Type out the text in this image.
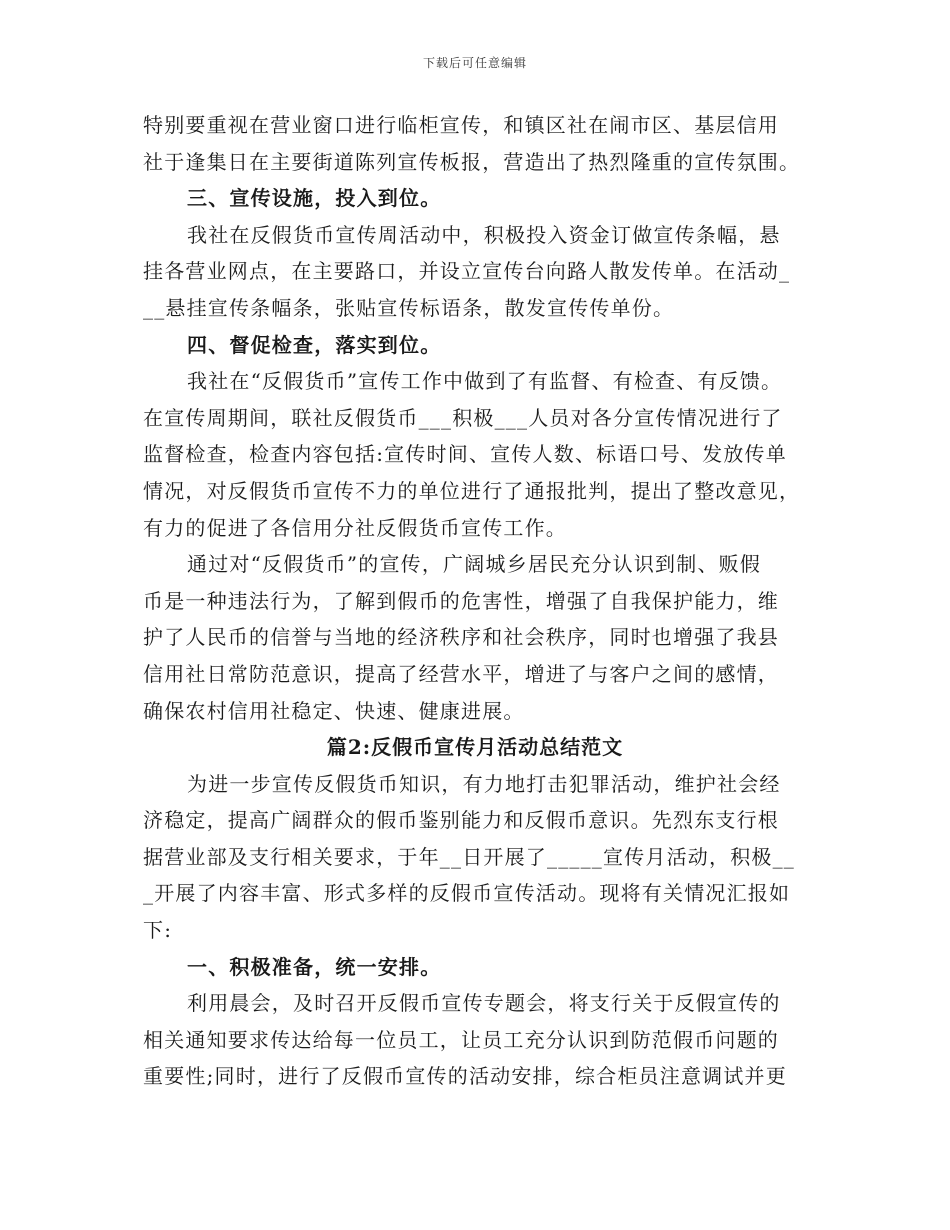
下载后可任意编辑
特别要重视在营业窗口进行临柜宣传，和镇区社在闹市区、基层信用
社于逢集日在主要街道陈列宣传板报，营造出了热烈隆重的宣传氛围。
三、宣传设施，投入到位。
我社在反假货币宣传周活动中，积极投入资金订做宣传条幅，悬
挂各营业网点，在主要路口，并设立宣传台向路人散发传单。在活动_
__悬挂宣传条幅条，张贴宣传标语条，散发宣传传单份。
四、督促检查，落实到位。
我社在“反假货币”宣传工作中做到了有监督、有检查、有反馈。
在宣传周期间，联社反假货币___积极___人员对各分宣传情况进行了
监督检查，检查内容包括:宣传时间、宣传人数、标语口号、发放传单
情况，对反假货币宣传不力的单位进行了通报批判，提出了整改意见，
有力的促进了各信用分社反假货币宣传工作。
通过对“反假货币”的宣传，广阔城乡居民充分认识到制、贩假
币是一种违法行为，了解到假币的危害性，增强了自我保护能力，维
护了人民币的信誉与当地的经济秩序和社会秩序，同时也增强了我县
信用社日常防范意识，提高了经营水平，增进了与客户之间的感情，
确保农村信用社稳定、快速、健康进展。
篇2:反假币宣传月活动总结范文
为进一步宣传反假货币知识，有力地打击犯罪活动，维护社会经
济稳定，提高广阔群众的假币鉴别能力和反假币意识。先烈东支行根
据营业部及支行相关要求，于年__日开展了_____宣传月活动，积极__
_开展了内容丰富、形式多样的反假币宣传活动。现将有关情况汇报如
下:
一、积极准备，统一安排。
利用晨会，及时召开反假币宣传专题会，将支行关于反假宣传的
相关通知要求传达给每一位员工，让员工充分认识到防范假币问题的
重要性;同时，进行了反假币宣传的活动安排，综合柜员注意调试并更
